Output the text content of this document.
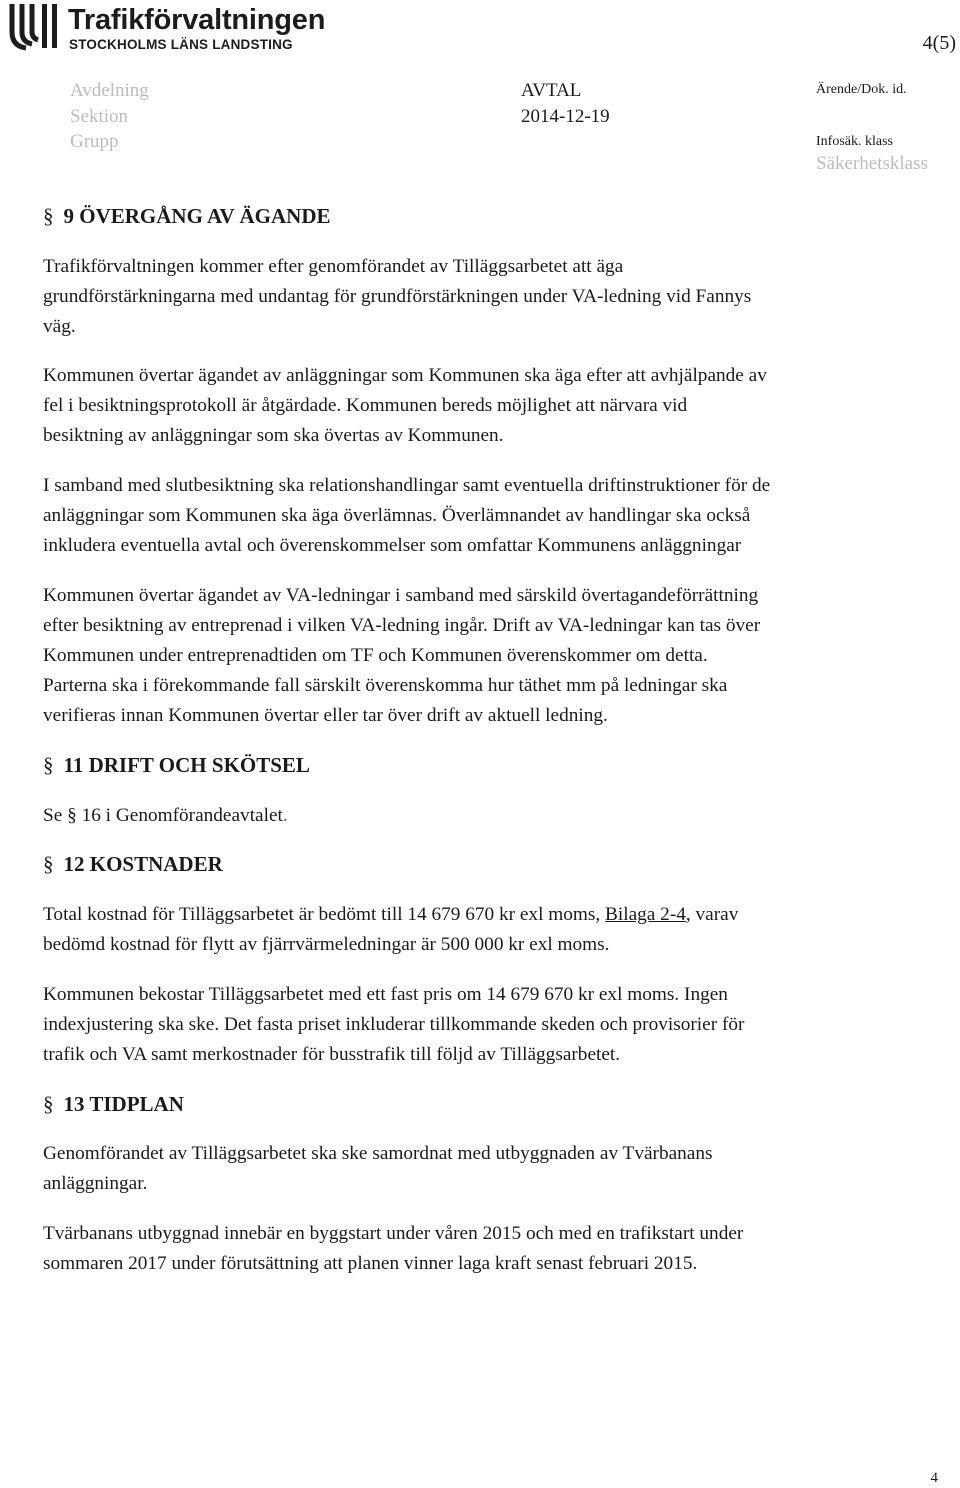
Trafikförvaltningen
STOCKHOLMS LÄNS LANDSTING	4(5)
Avdelning
Sektion
Grupp
AVTAL
2014-12-19
Ärende/Dok. id.
Infosäk. klass
Säkerhetsklass
§ 9 ÖVERGÅNG AV ÄGANDE
Trafikförvaltningen kommer efter genomförandet av Tilläggsarbetet att äga
grundförstärkningarna med undantag för grundförstärkningen under VA-ledning vid Fannys
väg.
Kommunen övertar ägandet av anläggningar som Kommunen ska äga efter att avhjälpande av
fel i besiktningsprotokoll är åtgärdade. Kommunen bereds möjlighet att närvara vid
besiktning av anläggningar som ska övertas av Kommunen.
I samband med slutbesiktning ska relationshandlingar samt eventuella driftinstruktioner för de
anläggningar som Kommunen ska äga överlämnas. Överlämnandet av handlingar ska också
inkludera eventuella avtal och överenskommelser som omfattar Kommunens anläggningar
Kommunen övertar ägandet av VA-ledningar i samband med särskild övertagandeförrättning
efter besiktning av entreprenad i vilken VA-ledning ingår. Drift av VA-ledningar kan tas över
Kommunen under entreprenadtiden om TF och Kommunen överenskommer om detta.
Parterna ska i förekommande fall särskilt överenskomma hur täthet mm på ledningar ska
verifieras innan Kommunen övertar eller tar över drift av aktuell ledning.
§ 11 DRIFT OCH SKÖTSEL
Se § 16 i Genomförandeavtalet.
§ 12 KOSTNADER
Total kostnad för Tilläggsarbetet är bedömt till 14 679 670 kr exl moms, Bilaga 2-4, varav
bedömd kostnad för flytt av fjärrvärmeledningar är 500 000 kr exl moms.
Kommunen bekostar Tilläggsarbetet med ett fast pris om 14 679 670 kr exl moms. Ingen
indexjustering ska ske. Det fasta priset inkluderar tillkommande skeden och provisorier för
trafik och VA samt merkostnader för busstrafik till följd av Tilläggsarbetet.
§ 13 TIDPLAN
Genomförandet av Tilläggsarbetet ska ske samordnat med utbyggnaden av Tvärbanans
anläggningar.
Tvärbanans utbyggnad innebär en byggstart under våren 2015 och med en trafikstart under
sommaren 2017 under förutsättning att planen vinner laga kraft senast februari 2015.
4
